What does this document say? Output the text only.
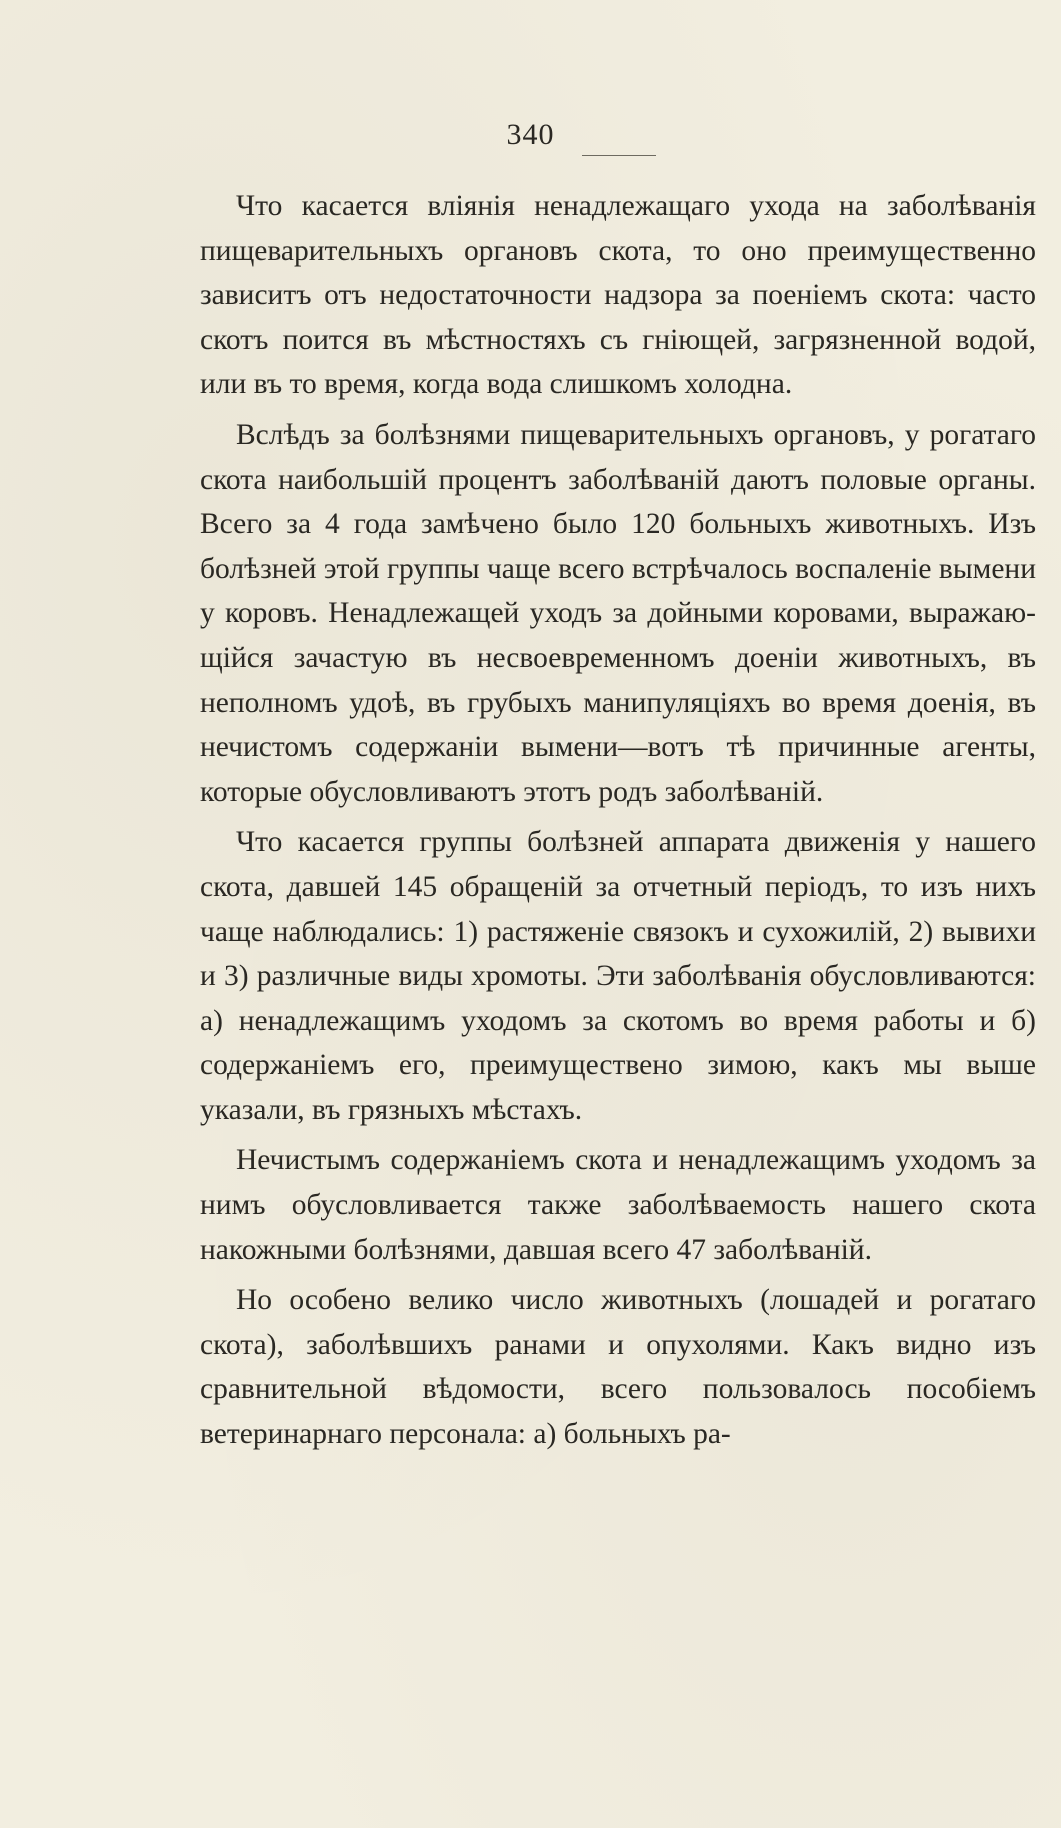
340

Что касается влiянiя ненадлежащаго ухода на заболѣванiя пищеварительныхъ органовъ скота, то оно преимущественно зависитъ отъ недостаточности надзора за поенiемъ скота: часто скотъ поится въ мѣстностяхъ съ гнiющей, загрязненной водой, или въ то время, когда вода слишкомъ холодна.

Вслѣдъ за болѣзнями пищеварительныхъ органовъ, у рогатаго скота наибольшiй процентъ заболѣванiй даютъ половые органы. Всего за 4 года замѣчено было 120 больныхъ животныхъ. Изъ болѣзней этой группы чаще всего встрѣчалось воспаленiе вымени у коровъ. Ненадлежащей уходъ за дойными коровами, выражающiйся зачастую въ несвоевременномъ доенiи животныхъ, въ неполномъ удоѣ, въ грубыхъ манипуляцiяхъ во время доенiя, въ нечистомъ содержанiи вымени—вотъ тѣ причинные агенты, которые обусловливаютъ этотъ родъ заболѣванiй.

Что касается группы болѣзней аппарата движенiя у нашего скота, давшей 145 обращенiй за отчетный перiодъ, то изъ нихъ чаще наблюдались: 1) растяженiе связокъ и сухожилiй, 2) вывихи и 3) различные виды хромоты. Эти заболѣванiя обусловливаются: а) ненадлежащимъ уходомъ за скотомъ во время работы и б) содержанiемъ его, преимуществено зимою, какъ мы выше указали, въ грязныхъ мѣстахъ.

Нечистымъ содержанiемъ скота и ненадлежащимъ уходомъ за нимъ обусловливается также заболѣваемость нашего скота накожными болѣзнями, давшая всего 47 заболѣванiй.

Но особено велико число животныхъ (лошадей и рогатаго скота), заболѣвшихъ ранами и опухолями. Какъ видно изъ сравнительной вѣдомости, всего пользовалось пособiемъ ветеринарнаго персонала: а) больныхъ ра-
